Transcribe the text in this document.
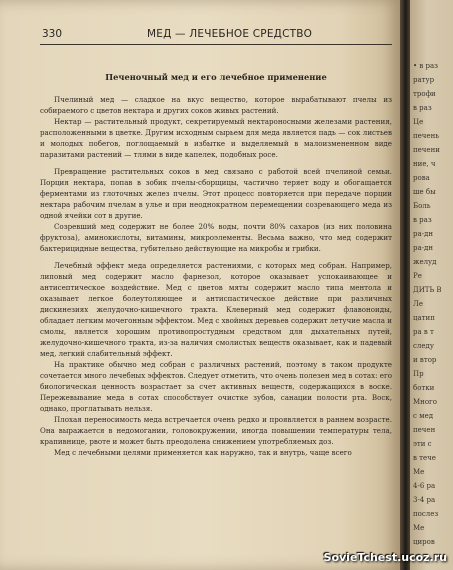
330	МЕД — ЛЕЧЕБНОЕ СРЕДСТВО
Печеночный мед и его лечебное применение

Пчелиный мед — сладкое на вкус вещество, которое вырабатывают пчелы из собираемого с цветов нектара и других соков живых растений.

Нектар — растительный продукт, секретируемый нектароносными железами растения, расположенными в цветке. Другим исходным сырьем для меда является падь — сок листьев и молодых побегов, поглощаемый в избытке и выделяемый в малоизмененном виде паразитами растений — тлями в виде капелек, подобных росе.

Превращение растительных соков в мед связано с работой всей пчелиной семьи. Порция нектара, попав в зобик пчелы-сборщицы, частично теряет воду и обогащается ферментами из глоточных желез пчелы. Этот процесс повторяется при передаче порции нектара рабочим пчелам в улье и при неоднократном перемещении созревающего меда из одной ячейки сот в другие.

Созревший мед содержит не более 20% воды, почти 80% сахаров (из них половина фруктоза), аминокислоты, витамины, микроэлементы. Весьма важно, что мед содержит бактерицидные вещества, губительно действующие на микробы и грибки.

Лечебный эффект меда определяется растениями, с которых мед собран. Например, липовый мед содержит масло фарнезол, которое оказывает успокаивающее и антисептическое воздействие. Мед с цветов мяты содержит масло типа ментола и оказывает легкое болеутоляющее и антиспастическое действие при различных дискинезиях желудочно-кишечного тракта. Клеверный мед содержит флавоноиды, обладает легким мочегонным эффектом. Мед с хвойных деревьев содержит летучие масла и смолы, является хорошим противопростудным средством для дыхательных путей, желудочно-кишечного тракта, из-за наличия смолистых веществ оказывает, как и падевый мед, легкий слабительный эффект.

На практике обычно мед собран с различных растений, поэтому в таком продукте сочетается много лечебных эффектов. Следует отметить, что очень полезен мед в сотах: его биологическая ценность возрастает за счет активных веществ, содержащихся в воске. Пережевывание меда в сотах способствует очистке зубов, санации полости рта. Воск, однако, проглатывать нельзя.

Плохая переносимость меда встречается очень редко и проявляется в раннем возрасте. Она выражается в недомогании, головокружении, иногда повышении температуры тела, крапивнице, рвоте и может быть преодолена снижением употребляемых доз.

Мед с лечебными целями применяется как наружно, так и внутрь, чаще всего

• в раз
ратур
трофи
в раз
Це
печень
печени
ние, ч
рова
ше бы
Боль
в раз
ра-дн
ра-дн
желуд
Ре
ДИТЬ В
Ле
цатип
ра в т
следу
и втор
Пр
ботки
Много
с мед
печен
эти с
в тече
Ме
4-6 ра
3-4 ра
послез
Ме
циров
SovieTchest.ucoz.ru
